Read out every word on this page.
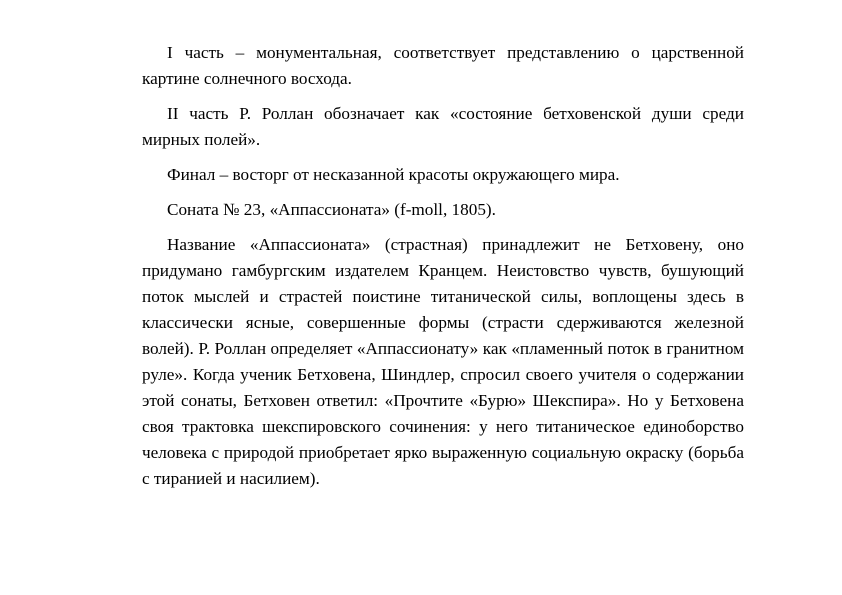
I часть – монументальная, соответствует представлению о царственной картине солнечного восхода.

II часть Р. Роллан обозначает как «состояние бетховенской души среди мирных полей».

Финал – восторг от несказанной красоты окружающего мира.

Соната № 23, «Аппассионата» (f-moll, 1805).

Название «Аппассионата» (страстная) принадлежит не Бетховену, оно придумано гамбургским издателем Кранцем. Неистовство чувств, бушующий поток мыслей и страстей поистине титанической силы, воплощены здесь в классически ясные, совершенные формы (страсти сдерживаются железной волей). Р. Роллан определяет «Аппассионату» как «пламенный поток в гранитном руле». Когда ученик Бетховена, Шиндлер, спросил своего учителя о содержании этой сонаты, Бетховен ответил: «Прочтите «Бурю» Шекспира». Но у Бетховена своя трактовка шекспировского сочинения: у него титаническое единоборство человека с природой приобретает ярко выраженную социальную окраску (борьба с тиранией и насилием).
